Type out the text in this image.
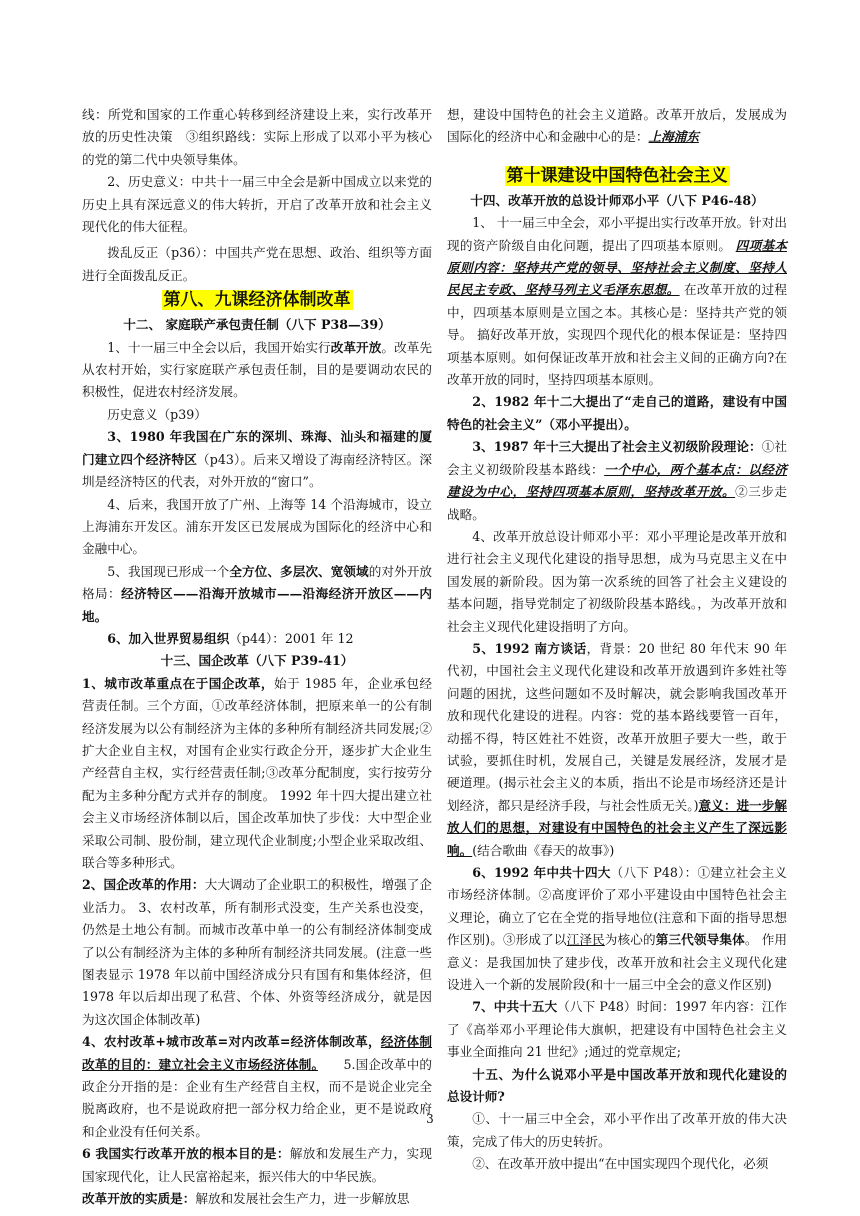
线：所党和国家的工作重心转移到经济建设上来，实行改革开放的历史性决策　③组织路线：实际上形成了以邓小平为核心的党的第二代中央领导集体。

2、历史意义：中共十一届三中全会是新中国成立以来党的历史上具有深远意义的伟大转折，开启了改革开放和社会主义现代化的伟大征程。

拨乱反正（p36）：中国共产党在思想、政治、组织等方面进行全面拨乱反正。

第八、九课经济体制改革

十二、 家庭联产承包责任制（八下 P38—39）

1、十一届三中全会以后，我国开始实行改革开放。改革先从农村开始，实行家庭联产承包责任制，目的是要调动农民的积极性，促进农村经济发展。

历史意义（p39）

3、1980 年我国在广东的深圳、珠海、汕头和福建的厦门建立四个经济特区（p43）。后来又增设了海南经济特区。深圳是经济特区的代表，对外开放的“窗口”。

4、后来，我国开放了广州、上海等 14 个沿海城市，设立上海浦东开发区。浦东开发区已发展成为国际化的经济中心和金融中心。

5、我国现已形成一个全方位、多层次、宽领域的对外开放格局：经济特区——沿海开放城市——沿海经济开放区——内地。

6、加入世界贸易组织（p44）：2001 年 12

十三、国企改革（八下 P39-41）

1、城市改革重点在于国企改革，始于 1985 年，企业承包经营责任制。三个方面，①改革经济体制，把原来单一的公有制经济发展为以公有制经济为主体的多种所有制经济共同发展;②扩大企业自主权，对国有企业实行政企分开，逐步扩大企业生产经营自主权，实行经营责任制;③改革分配制度，实行按劳分配为主多种分配方式并存的制度。 1992 年十四大提出建立社会主义市场经济体制以后，国企改革加快了步伐：大中型企业采取公司制、股份制，建立现代企业制度;小型企业采取改组、联合等多种形式。

2、国企改革的作用：大大调动了企业职工的积极性，增强了企业活力。 3、农村改革，所有制形式没变，生产关系也没变，仍然是土地公有制。而城市改革中单一的公有制经济体制变成了以公有制经济为主体的多种所有制经济共同发展。(注意一些图表显示 1978 年以前中国经济成分只有国有和集体经济，但 1978 年以后却出现了私营、个体、外资等经济成分，就是因为这次国企体制改革)

4、农村改革+城市改革=对内改革=经济体制改革，经济体制改革的目的：建立社会主义市场经济体制。　　5.国企改革中的政企分开指的是：企业有生产经营自主权，而不是说企业完全脱离政府，也不是说政府把一部分权力给企业，更不是说政府和企业没有任何关系。

6 我国实行改革开放的根本目的是：解放和发展生产力，实现国家现代化，让人民富裕起来，振兴伟大的中华民族。

改革开放的实质是：解放和发展社会生产力，进一步解放思

想，建设中国特色的社会主义道路。改革开放后，发展成为国际化的经济中心和金融中心的是：上海浦东

第十课建设中国特色社会主义

十四、改革开放的总设计师邓小平（八下 P46-48）

1、 十一届三中全会，邓小平提出实行改革开放。针对出现的资产阶级自由化问题，提出了四项基本原则。 四项基本原则内容：坚持共产党的领导、坚持社会主义制度、坚持人民民主专政、坚持马列主义毛泽东思想。 在改革开放的过程中，四项基本原则是立国之本。其核心是：坚持共产党的领导。 搞好改革开放，实现四个现代化的根本保证是：坚持四项基本原则。如何保证改革开放和社会主义间的正确方向?在改革开放的同时，坚持四项基本原则。

2、1982 年十二大提出了“走自己的道路，建设有中国特色的社会主义”（邓小平提出）。

3、1987 年十三大提出了社会主义初级阶段理论：①社会主义初级阶段基本路线：一个中心，两个基本点：以经济建设为中心，坚持四项基本原则，坚持改革开放。②三步走战略。

4、改革开放总设计师邓小平：邓小平理论是改革开放和进行社会主义现代化建设的指导思想，成为马克思主义在中国发展的新阶段。因为第一次系统的回答了社会主义建设的基本问题，指导党制定了初级阶段基本路线。，为改革开放和社会主义现代化建设指明了方向。

5、1992 南方谈话，背景：20 世纪 80 年代末 90 年代初，中国社会主义现代化建设和改革开放遇到许多姓社等问题的困扰，这些问题如不及时解决，就会影响我国改革开放和现代化建设的进程。内容：党的基本路线要管一百年，动摇不得，特区姓社不姓资，改革开放胆子要大一些，敢于试验，要抓住时机，发展自己，关键是发展经济，发展才是硬道理。(揭示社会主义的本质，指出不论是市场经济还是计划经济，都只是经济手段，与社会性质无关。)意义：进一步解放人们的思想，对建设有中国特色的社会主义产生了深远影响。(结合歌曲《春天的故事》)

6、1992 年中共十四大（八下 P48）：①建立社会主义市场经济体制。②高度评价了邓小平建设由中国特色社会主义理论，确立了它在全党的指导地位(注意和下面的指导思想作区别)。③形成了以江泽民为核心的第三代领导集体。 作用意义：是我国加快了建步伐，改革开放和社会主义现代化建设进入一个新的发展阶段(和十一届三中全会的意义作区别)

7、中共十五大（八下 P48）时间：1997 年内容：江作了《高举邓小平理论伟大旗帜，把建设有中国特色社会主义事业全面推向 21 世纪》;通过的党章规定;

十五、为什么说邓小平是中国改革开放和现代化建设的总设计师?

①、十一届三中全会，邓小平作出了改革开放的伟大决策，完成了伟大的历史转折。

②、在改革开放中提出“在中国实现四个现代化，必须

3
